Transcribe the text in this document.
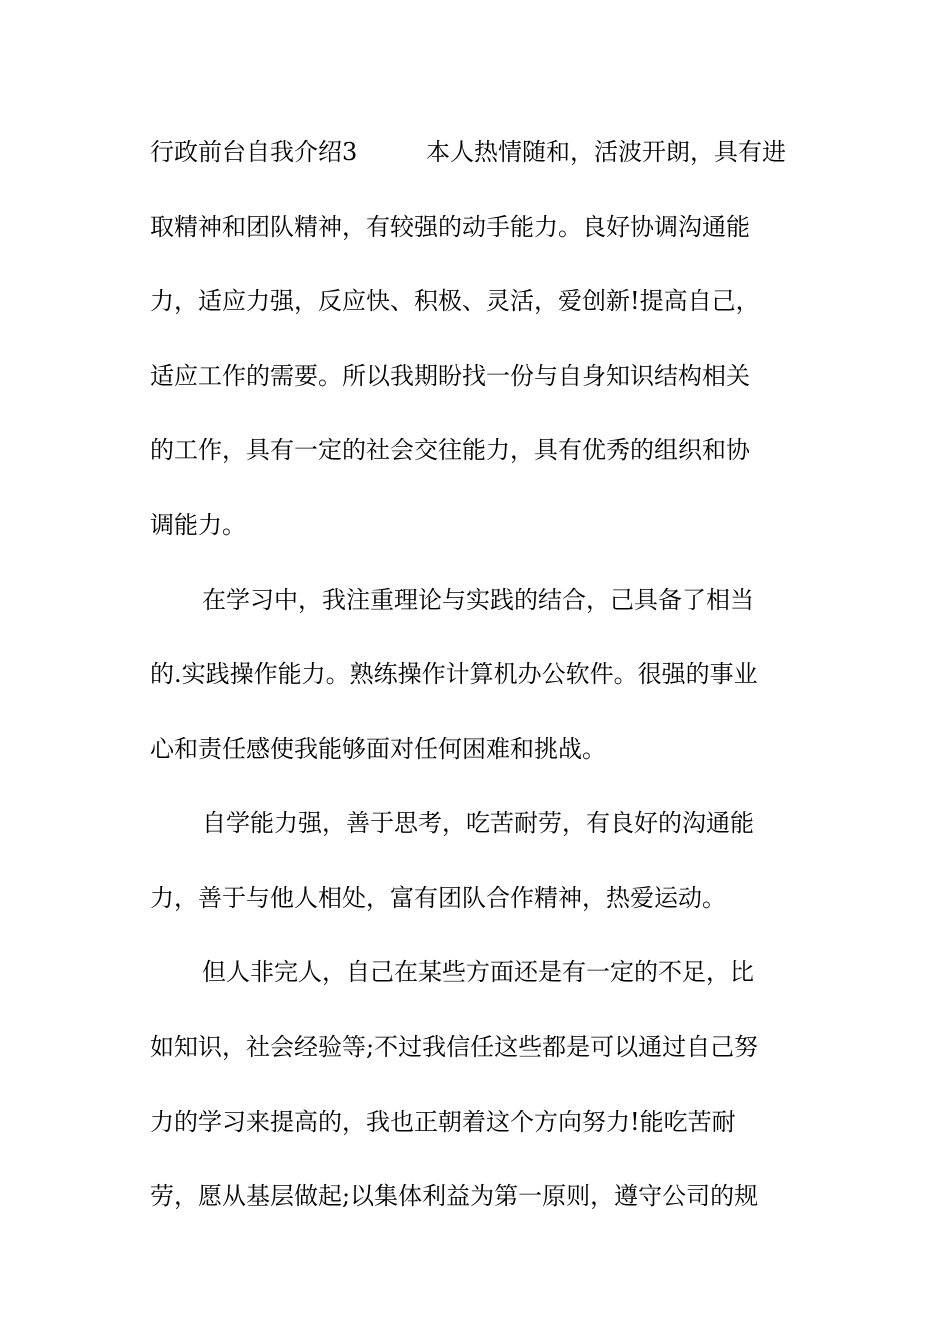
行政前台自我介绍3

	本人热情随和，活波开朗，具有进

取精神和团队精神，有较强的动手能力。良好协调沟通能

力，适应力强，反应快、积极、灵活，爱创新!提高自己，

适应工作的需要。所以我期盼找一份与自身知识结构相关

的工作，具有一定的社会交往能力，具有优秀的组织和协

调能力。

在学习中，我注重理论与实践的结合，己具备了相当

的.实践操作能力。熟练操作计算机办公软件。很强的事业

心和责任感使我能够面对任何困难和挑战。

自学能力强，善于思考，吃苦耐劳，有良好的沟通能

力，善于与他人相处，富有团队合作精神，热爱运动。

但人非完人，自己在某些方面还是有一定的不足，比

如知识，社会经验等;不过我信任这些都是可以通过自己努

力的学习来提高的，我也正朝着这个方向努力!能吃苦耐

劳，愿从基层做起;以集体利益为第一原则，遵守公司的规
